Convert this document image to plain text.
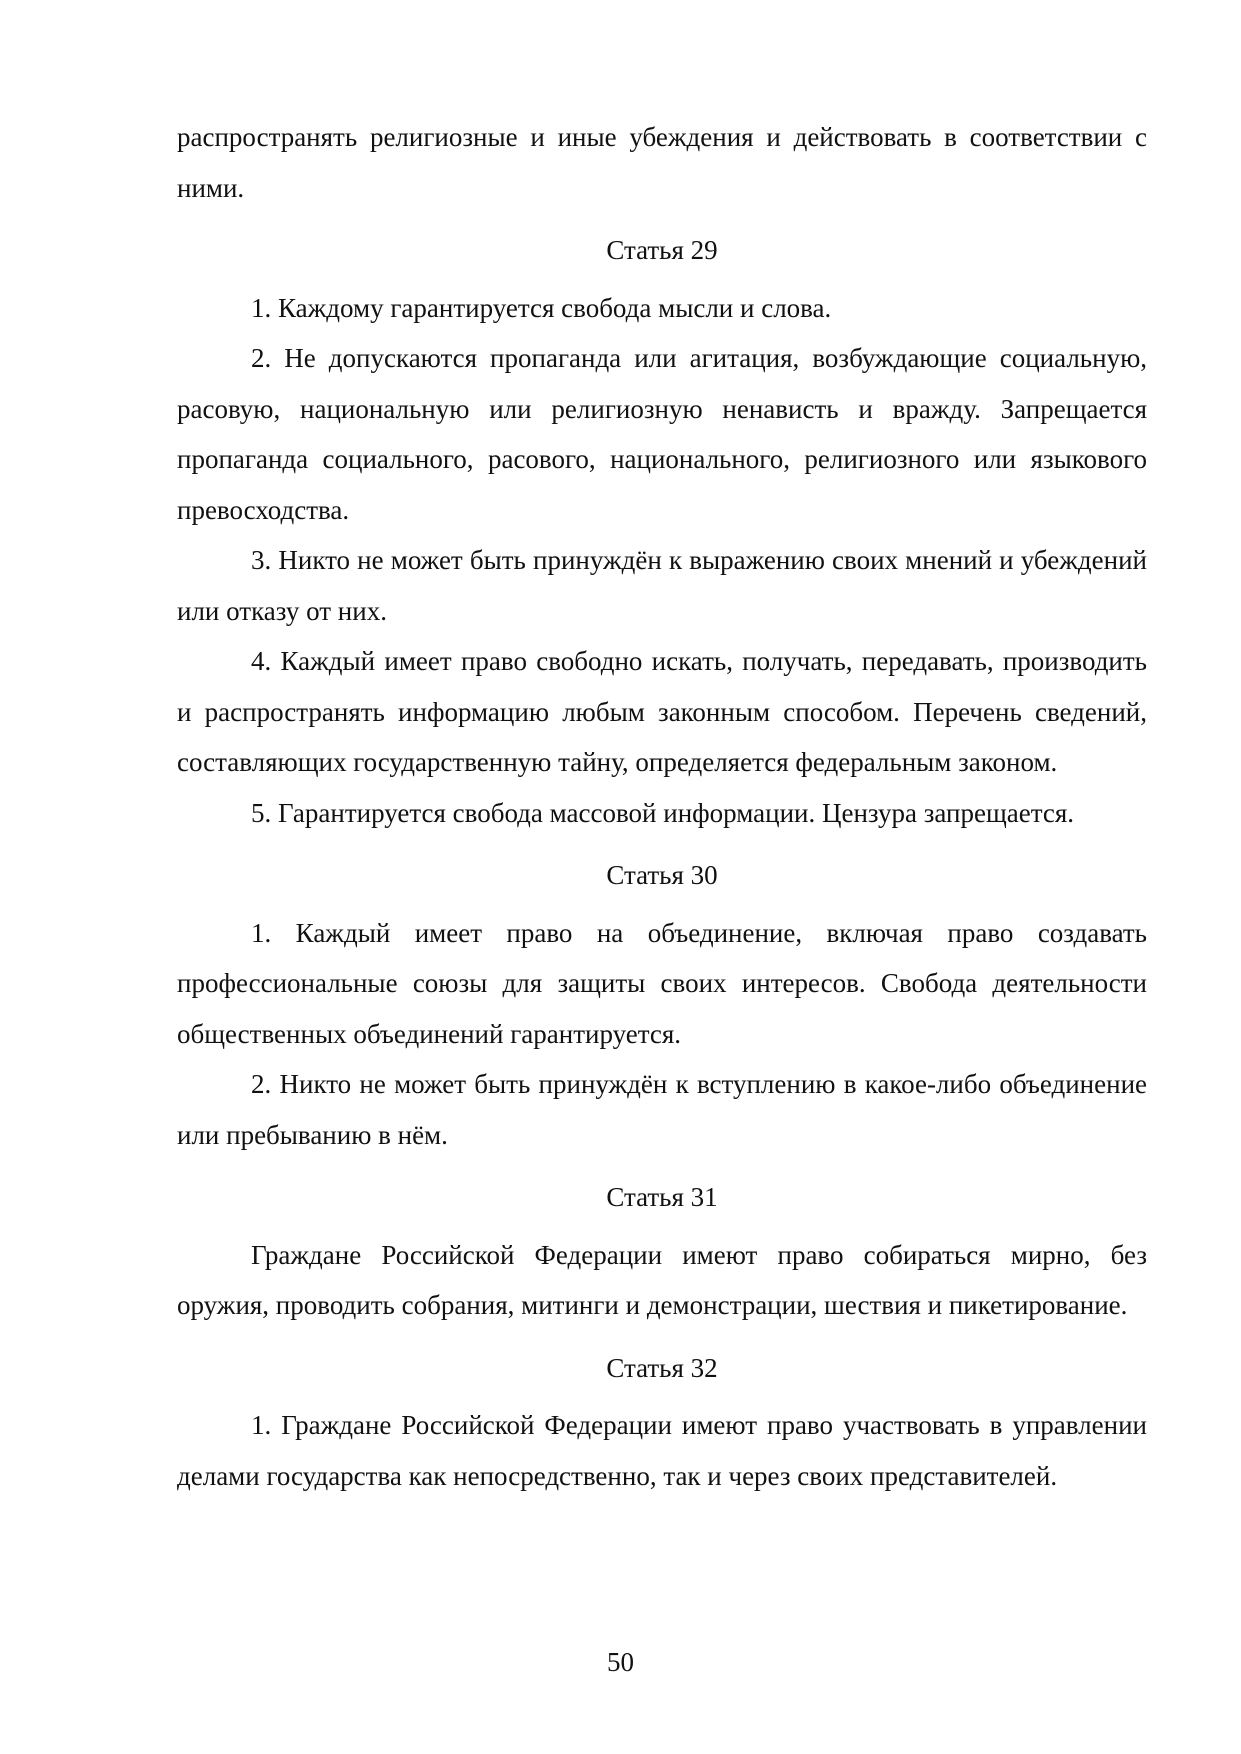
распространять религиозные и иные убеждения и действовать в соответствии с ними.

Статья 29

1. Каждому гарантируется свобода мысли и слова.

2. Не допускаются пропаганда или агитация, возбуждающие социальную, расовую, национальную или религиозную ненависть и вражду. Запрещается пропаганда социального, расового, национального, религиозного или языкового превосходства.

3. Никто не может быть принуждён к выражению своих мнений и убеждений или отказу от них.

4. Каждый имеет право свободно искать, получать, передавать, производить и распространять информацию любым законным способом. Перечень сведений, составляющих государственную тайну, определяется федеральным законом.

5. Гарантируется свобода массовой информации. Цензура запрещается.

Статья 30

1. Каждый имеет право на объединение, включая право создавать профессиональные союзы для защиты своих интересов. Свобода деятельности общественных объединений гарантируется.

2. Никто не может быть принуждён к вступлению в какое-либо объединение или пребыванию в нём.

Статья 31

Граждане Российской Федерации имеют право собираться мирно, без оружия, проводить собрания, митинги и демонстрации, шествия и пикетирование.

Статья 32

1. Граждане Российской Федерации имеют право участвовать в управлении делами государства как непосредственно, так и через своих представителей.

50
